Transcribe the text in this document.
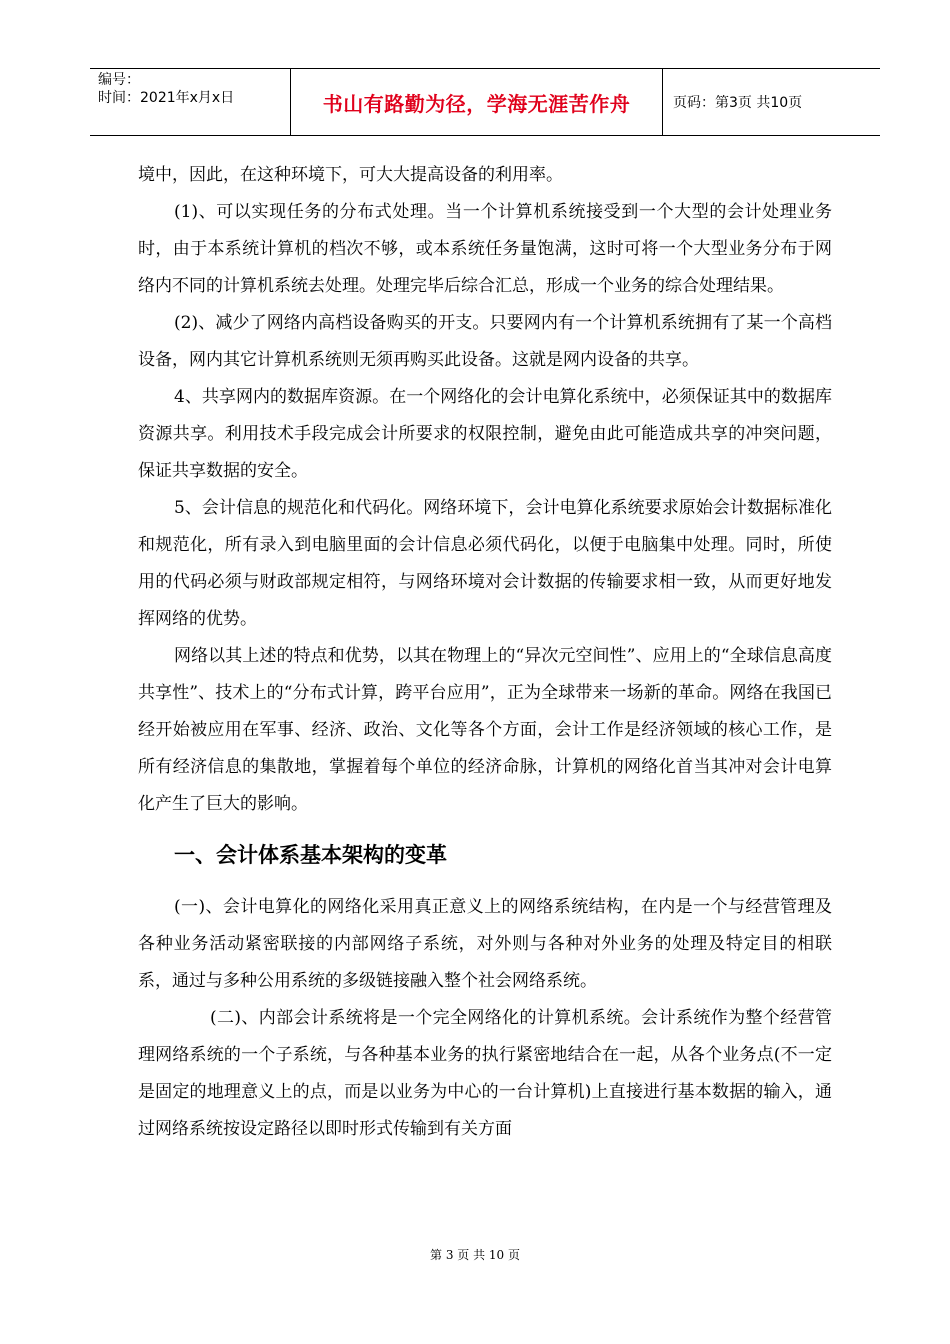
编号：
时间：2021年x月x日	书山有路勤为径，学海无涯苦作舟	页码：第3页 共10页

境中，因此，在这种环境下，可大大提高设备的利用率。

(1)、可以实现任务的分布式处理。当一个计算机系统接受到一个大型的会计处理业务时，由于本系统计算机的档次不够，或本系统任务量饱满，这时可将一个大型业务分布于网络内不同的计算机系统去处理。处理完毕后综合汇总，形成一个业务的综合处理结果。

(2)、减少了网络内高档设备购买的开支。只要网内有一个计算机系统拥有了某一个高档设备，网内其它计算机系统则无须再购买此设备。这就是网内设备的共享。

4、共享网内的数据库资源。在一个网络化的会计电算化系统中，必须保证其中的数据库资源共享。利用技术手段完成会计所要求的权限控制，避免由此可能造成共享的冲突问题，保证共享数据的安全。

5、会计信息的规范化和代码化。网络环境下，会计电算化系统要求原始会计数据标准化和规范化，所有录入到电脑里面的会计信息必须代码化，以便于电脑集中处理。同时，所使用的代码必须与财政部规定相符，与网络环境对会计数据的传输要求相一致，从而更好地发挥网络的优势。

网络以其上述的特点和优势，以其在物理上的“异次元空间性”、应用上的“全球信息高度共享性”、技术上的“分布式计算，跨平台应用”，正为全球带来一场新的革命。网络在我国已经开始被应用在军事、经济、政治、文化等各个方面，会计工作是经济领域的核心工作，是所有经济信息的集散地，掌握着每个单位的经济命脉，计算机的网络化首当其冲对会计电算化产生了巨大的影响。

一、会计体系基本架构的变革

(一)、会计电算化的网络化采用真正意义上的网络系统结构，在内是一个与经营管理及各种业务活动紧密联接的内部网络子系统，对外则与各种对外业务的处理及特定目的相联系，通过与多种公用系统的多级链接融入整个社会网络系统。

(二)、内部会计系统将是一个完全网络化的计算机系统。会计系统作为整个经营管理网络系统的一个子系统，与各种基本业务的执行紧密地结合在一起，从各个业务点(不一定是固定的地理意义上的点，而是以业务为中心的一台计算机)上直接进行基本数据的输入，通过网络系统按设定路径以即时形式传输到有关方面

第 3 页 共 10 页
